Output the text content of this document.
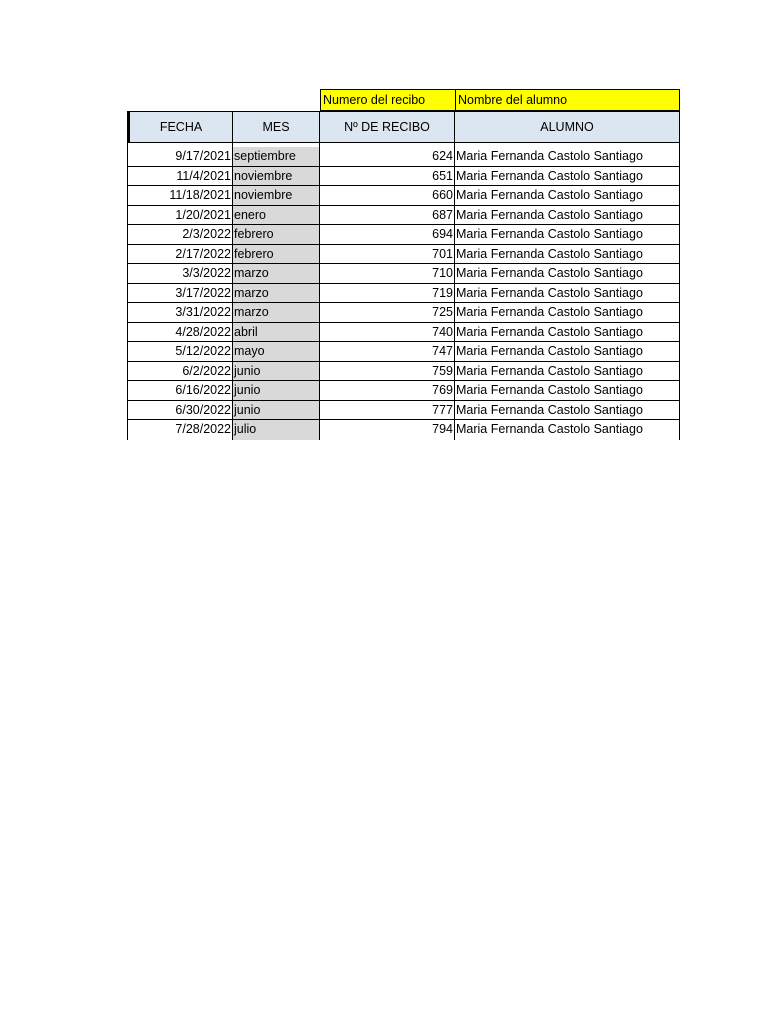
Numero del recibo	Nombre del alumno
FECHA	MES	Nº DE RECIBO	ALUMNO
9/17/2021 septiembre	624 Maria Fernanda Castolo Santiago
11/4/2021 noviembre	651 Maria Fernanda Castolo Santiago
11/18/2021 noviembre	660 Maria Fernanda Castolo Santiago
1/20/2021 enero	687 Maria Fernanda Castolo Santiago
2/3/2022 febrero	694 Maria Fernanda Castolo Santiago
2/17/2022 febrero	701 Maria Fernanda Castolo Santiago
3/3/2022 marzo	710 Maria Fernanda Castolo Santiago
3/17/2022 marzo	719 Maria Fernanda Castolo Santiago
3/31/2022 marzo	725 Maria Fernanda Castolo Santiago
4/28/2022 abril	740 Maria Fernanda Castolo Santiago
5/12/2022 mayo	747 Maria Fernanda Castolo Santiago
6/2/2022 junio	759 Maria Fernanda Castolo Santiago
6/16/2022 junio	769 Maria Fernanda Castolo Santiago
6/30/2022 junio	777 Maria Fernanda Castolo Santiago
7/28/2022 julio	794 Maria Fernanda Castolo Santiago
